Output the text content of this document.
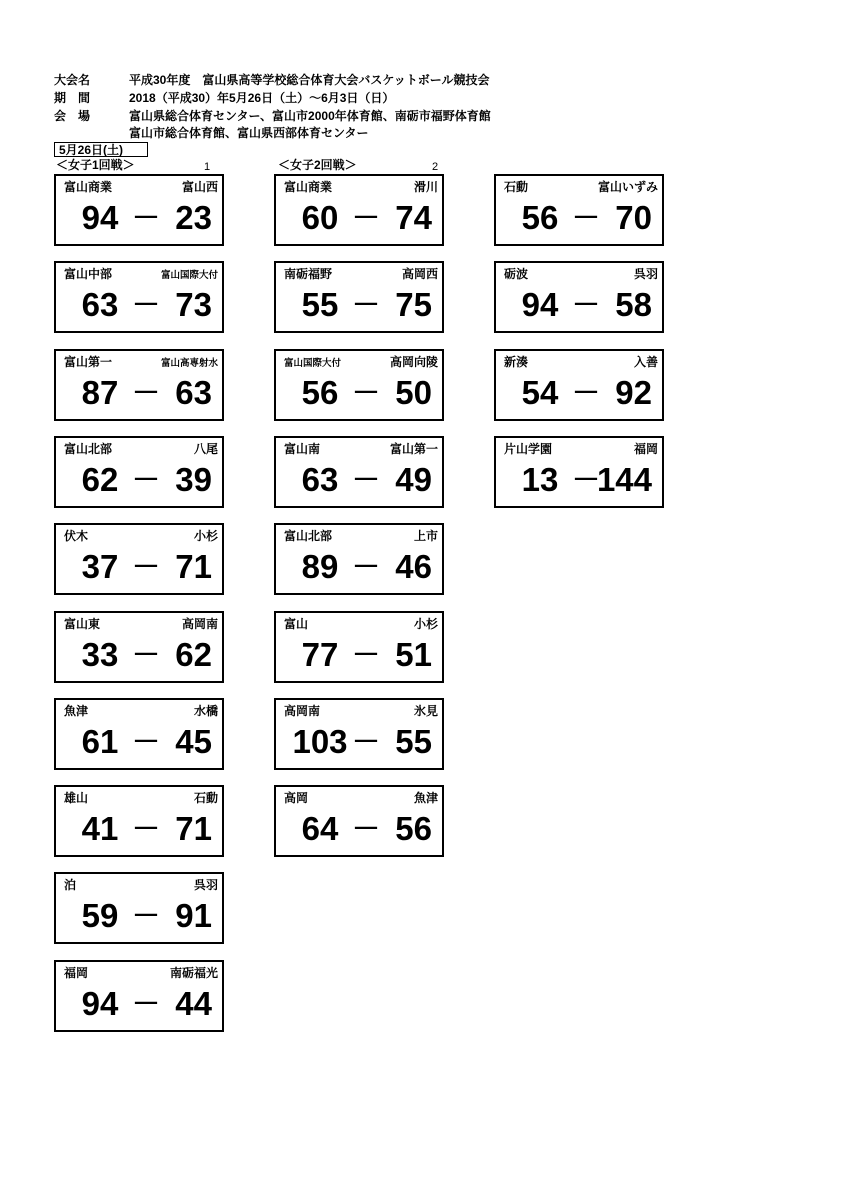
大会名	平成30年度　富山県高等学校総合体育大会バスケットボール競技会
期　間	2018（平成30）年5月26日（土）～6月3日（日）
会　場	富山県総合体育センター、富山市2000年体育館、南砺市福野体育館
富山市総合体育館、富山県西部体育センター
5月26日(土)
＜女子1回戦＞	1	＜女子2回戦＞	2
富山商業	富山西
94 － 23
富山中部	富山国際大付
63 － 73
富山第一	富山高専射水
87 － 63
富山北部	八尾
62 － 39
伏木	小杉
37 － 71
富山東	高岡南
33 － 62
魚津	水橋
61 － 45
雄山	石動
41 － 71
泊	呉羽
59 － 91
福岡	南砺福光
94 － 44
富山商業	滑川
60 － 74
南砺福野	高岡西
55 － 75
富山国際大付	高岡向陵
56 － 50
富山南	富山第一
63 － 49
富山北部	上市
89 － 46
富山	小杉
77 － 51
高岡南	氷見
103 － 55
高岡	魚津
64 － 56
石動	富山いずみ
56 － 70
砺波	呉羽
94 － 58
新湊	入善
54 － 92
片山学園	福岡
13 －
144
